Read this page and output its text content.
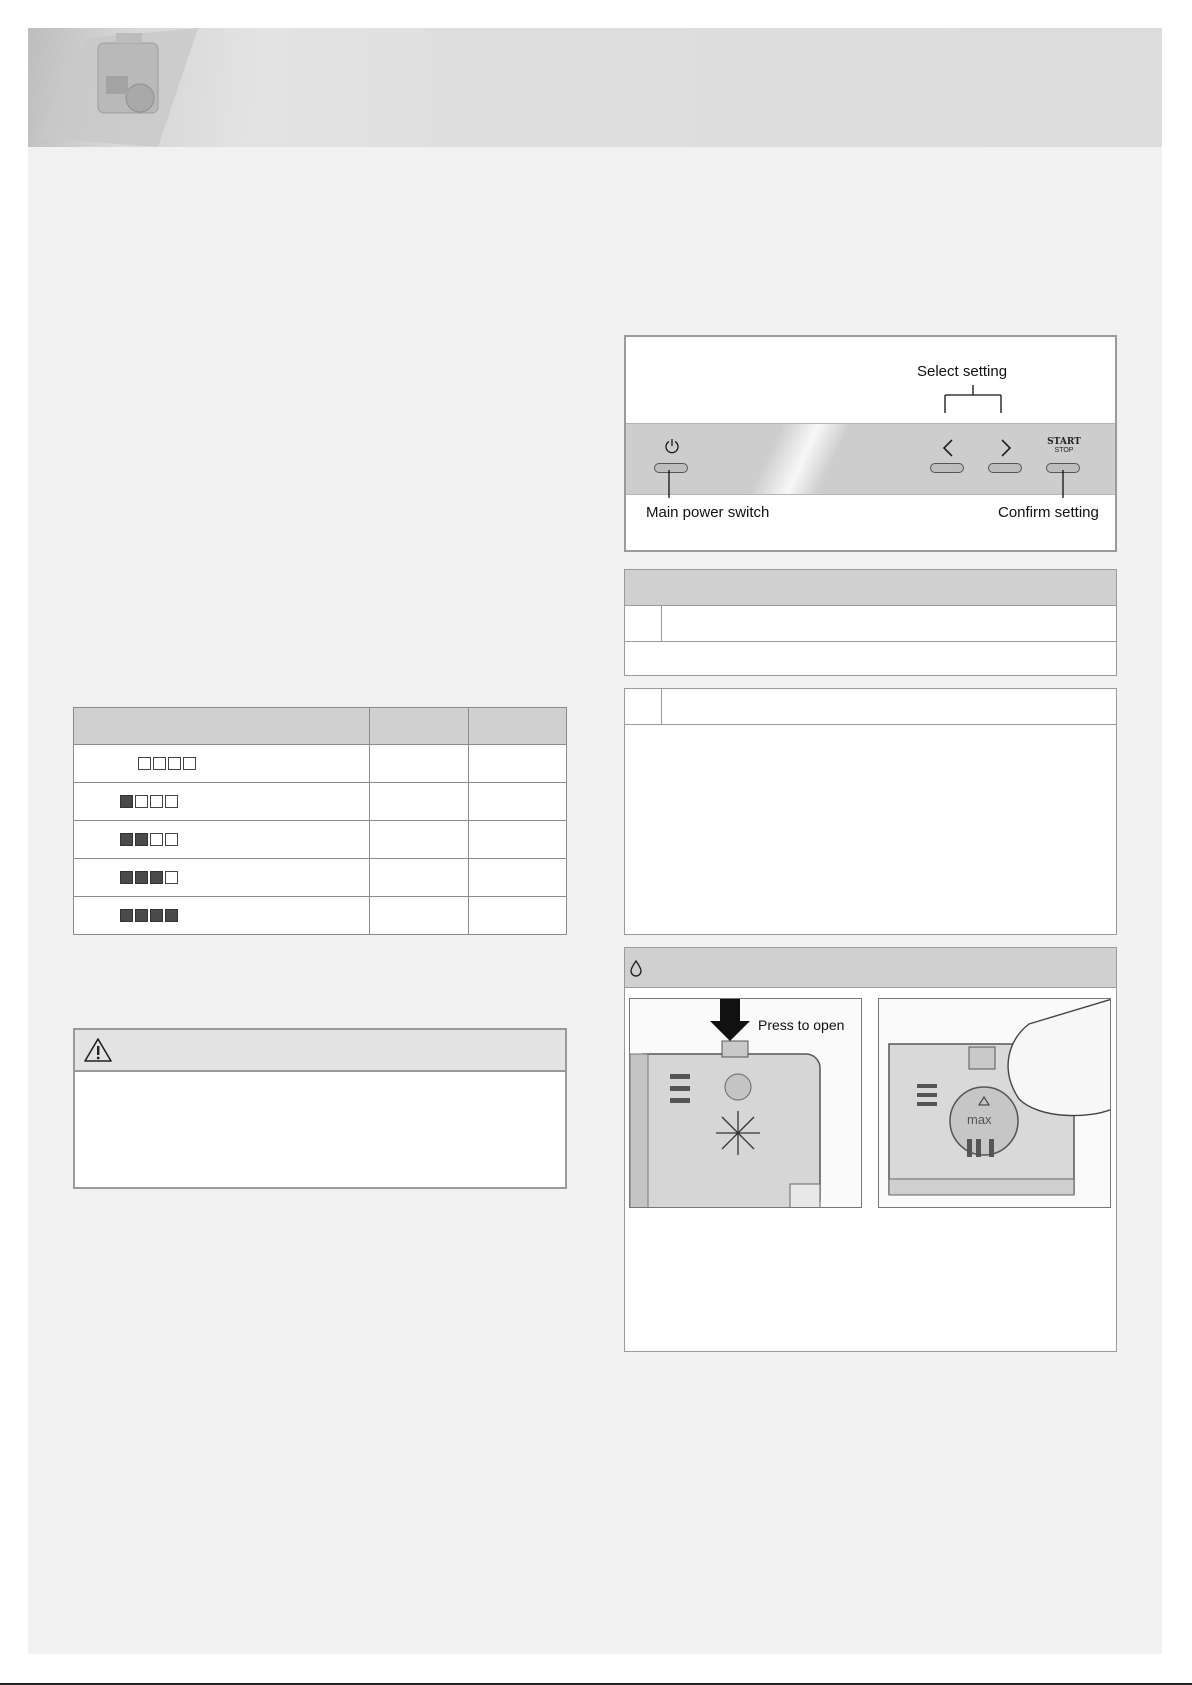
Select setting
START
STOP
Main power switch	Confirm setting
Press to open
max
